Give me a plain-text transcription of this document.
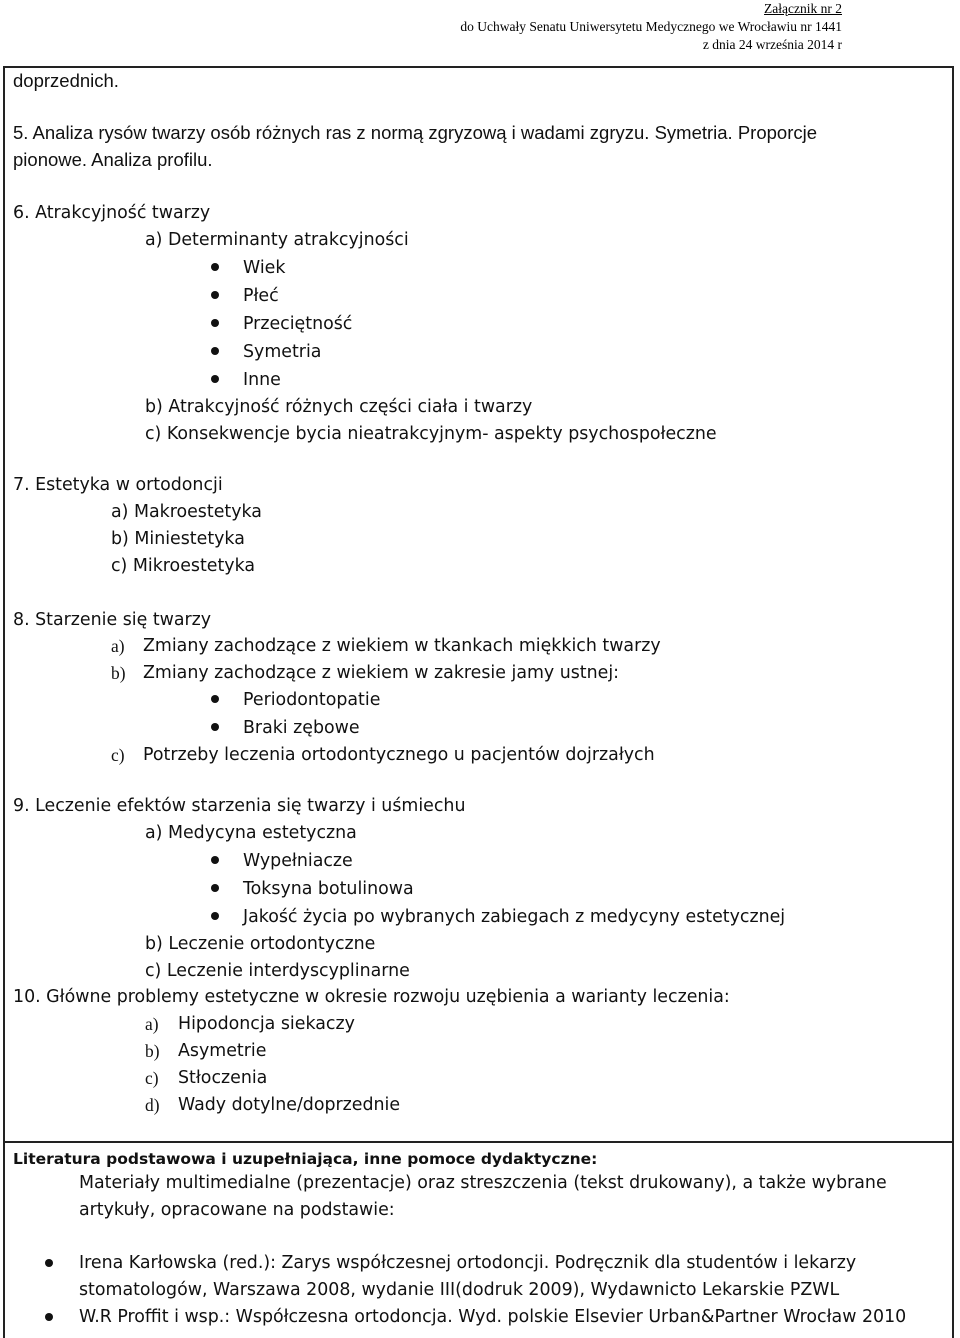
Załącznik nr 2
do Uchwały Senatu Uniwersytetu Medycznego we Wrocławiu nr 1441
z dnia 24 września 2014 r
doprzednich.
5. Analiza rysów twarzy osób różnych ras z normą zgryzową i wadami zgryzu. Symetria. Proporcje
pionowe. Analiza profilu.
6. Atrakcyjność twarzy
a) Determinanty atrakcyjności
Wiek
Płeć
Przeciętność
Symetria
Inne
b) Atrakcyjność różnych części ciała i twarzy
c) Konsekwencje bycia nieatrakcyjnym- aspekty psychospołeczne
7. Estetyka w ortodoncji
a) Makroestetyka
b) Miniestetyka
c) Mikroestetyka
8. Starzenie się twarzy
a) Zmiany zachodzące z wiekiem w tkankach miękkich twarzy
b) Zmiany zachodzące z wiekiem w zakresie jamy ustnej:
Periodontopatie
Braki zębowe
c) Potrzeby leczenia ortodontycznego u pacjentów dojrzałych
9. Leczenie efektów starzenia się twarzy i uśmiechu
a) Medycyna estetyczna
Wypełniacze
Toksyna botulinowa
Jakość życia po wybranych zabiegach z medycyny estetycznej
b) Leczenie ortodontyczne
c) Leczenie interdyscyplinarne
10. Główne problemy estetyczne w okresie rozwoju uzębienia a warianty leczenia:
a) Hipodoncja siekaczy
b) Asymetrie
c) Stłoczenia
d) Wady dotylne/doprzednie
Literatura podstawowa i uzupełniająca, inne pomoce dydaktyczne:
Materiały multimedialne (prezentacje) oraz streszczenia (tekst drukowany), a także wybrane
artykuły, opracowane na podstawie:
Irena Karłowska (red.): Zarys współczesnej ortodoncji. Podręcznik dla studentów i lekarzy
stomatologów, Warszawa 2008, wydanie III(dodruk 2009), Wydawnicto Lekarskie PZWL
W.R Proffit i wsp.: Współczesna ortodoncja. Wyd. polskie Elsevier Urban&Partner Wrocław 2010
